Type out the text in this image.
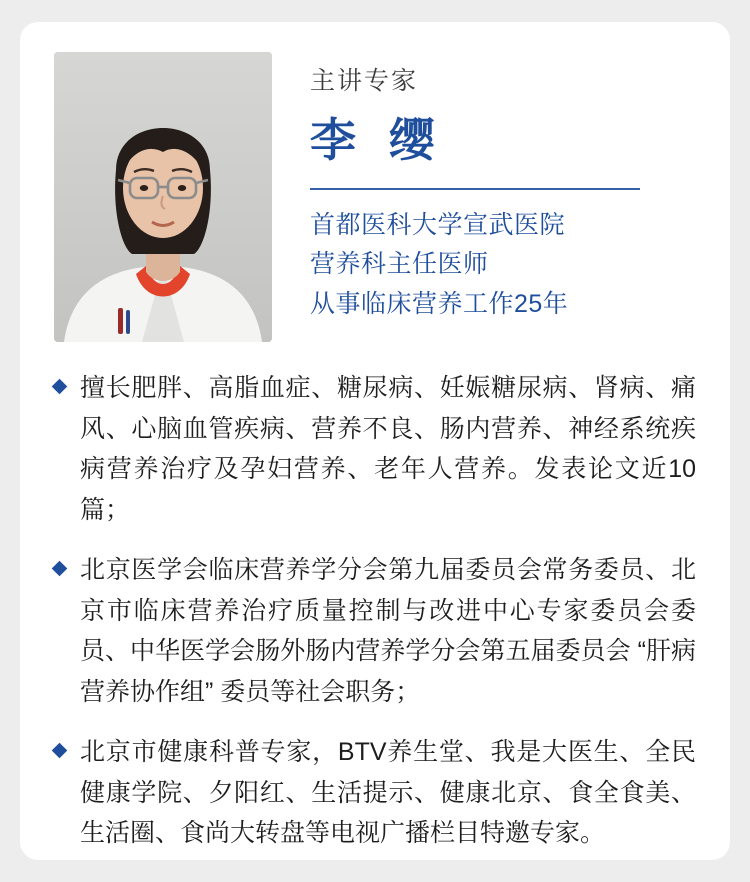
主讲专家
李 缨
首都医科大学宣武医院
营养科主任医师
从事临床营养工作25年
擅长肥胖、高脂血症、糖尿病、妊娠糖尿病、肾病、痛风、心脑血管疾病、营养不良、肠内营养、神经系统疾病营养治疗及孕妇营养、老年人营养。发表论文近10篇；
北京医学会临床营养学分会第九届委员会常务委员、北京市临床营养治疗质量控制与改进中心专家委员会委员、中华医学会肠外肠内营养学分会第五届委员会 “肝病营养协作组” 委员等社会职务；
北京市健康科普专家，BTV养生堂、我是大医生、全民健康学院、夕阳红、生活提示、健康北京、食全食美、生活圈、食尚大转盘等电视广播栏目特邀专家。
